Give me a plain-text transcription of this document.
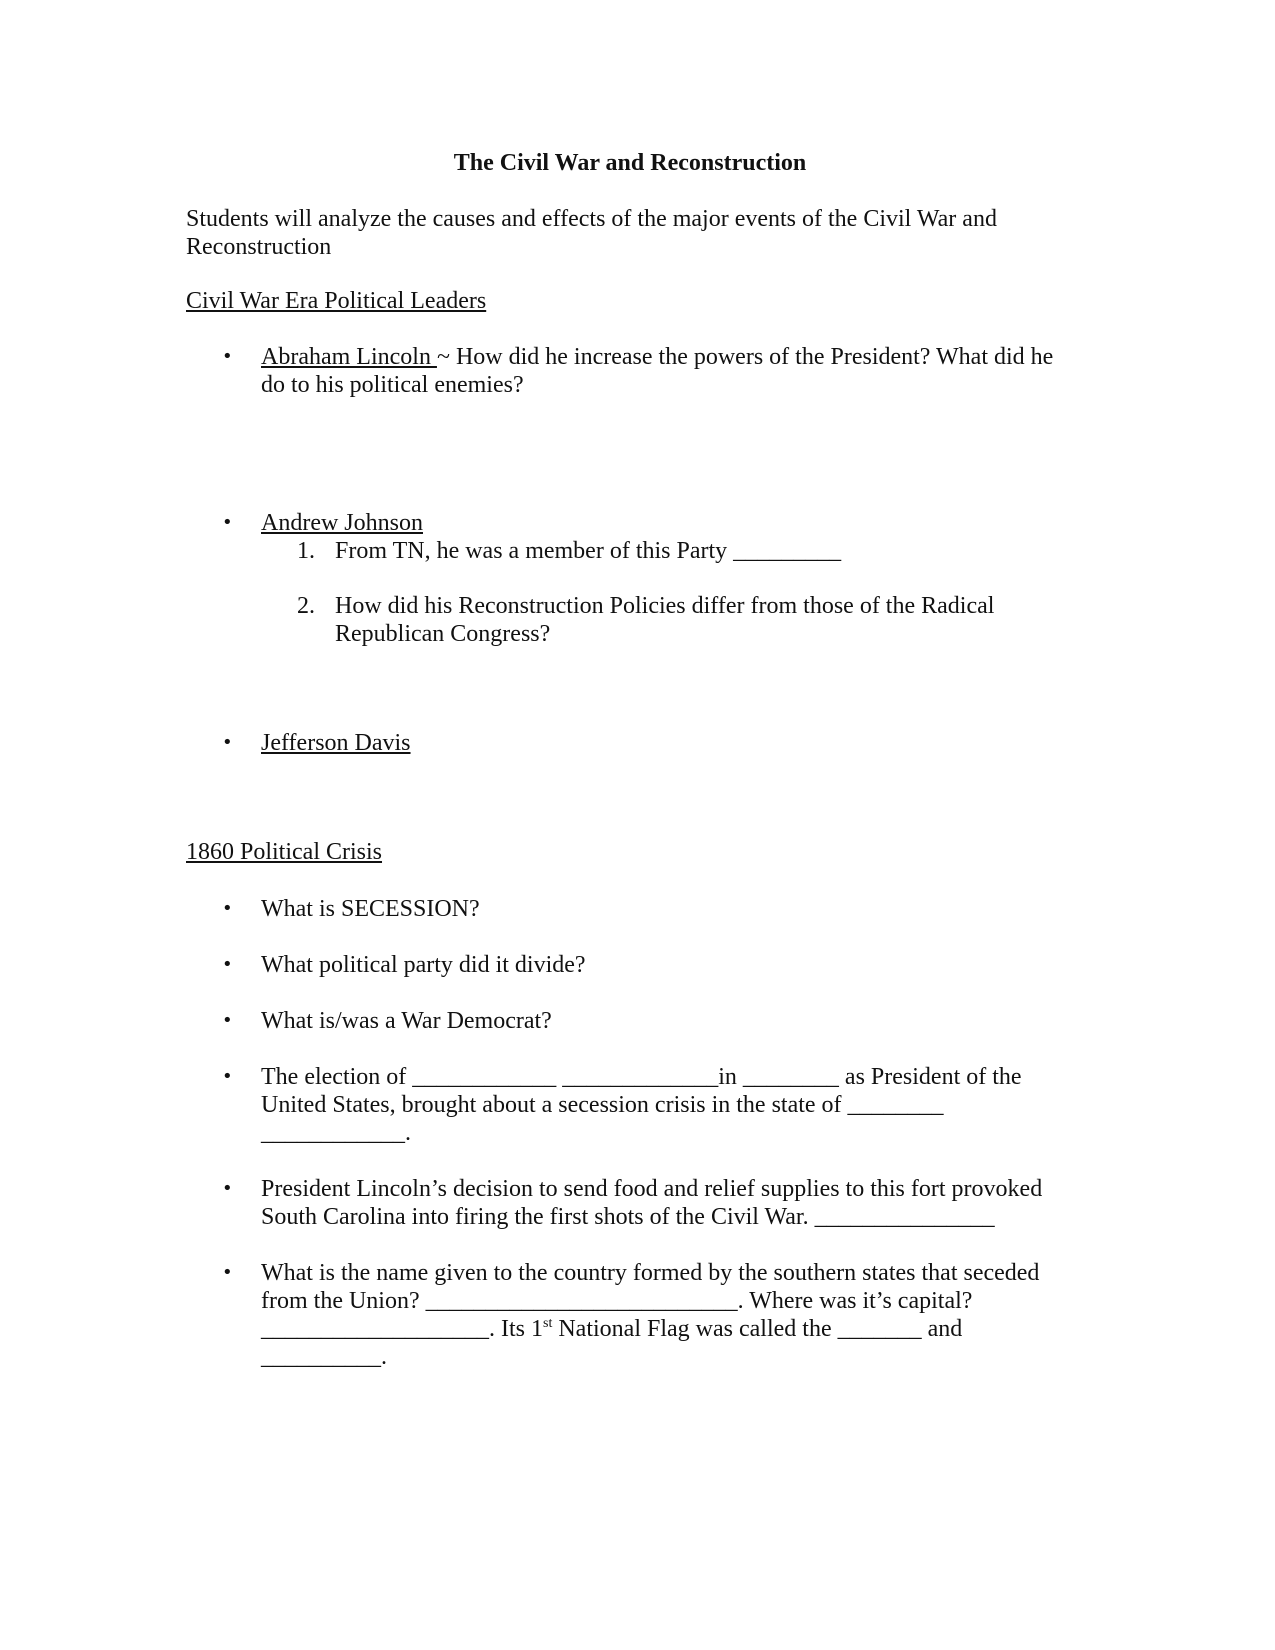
The Civil War and Reconstruction
Students will analyze the causes and effects of the major events of the Civil War and Reconstruction
Civil War Era Political Leaders
•	Abraham Lincoln ~ How did he increase the powers of the President? What did he do to his political enemies?
•	Andrew Johnson
1. From TN, he was a member of this Party _________
2. How did his Reconstruction Policies differ from those of the Radical Republican Congress?
•	Jefferson Davis
1860 Political Crisis
•	What is SECESSION?
•	What political party did it divide?
•	What is/was a War Democrat?
•	The election of ____________ _____________in ________ as President of the United States, brought about a secession crisis in the state of ________ ____________.
•	President Lincoln’s decision to send food and relief supplies to this fort provoked South Carolina into firing the first shots of the Civil War. _______________
•	What is the name given to the country formed by the southern states that seceded from the Union? __________________________. Where was it’s capital? ___________________. Its 1st National Flag was called the _______ and __________.
